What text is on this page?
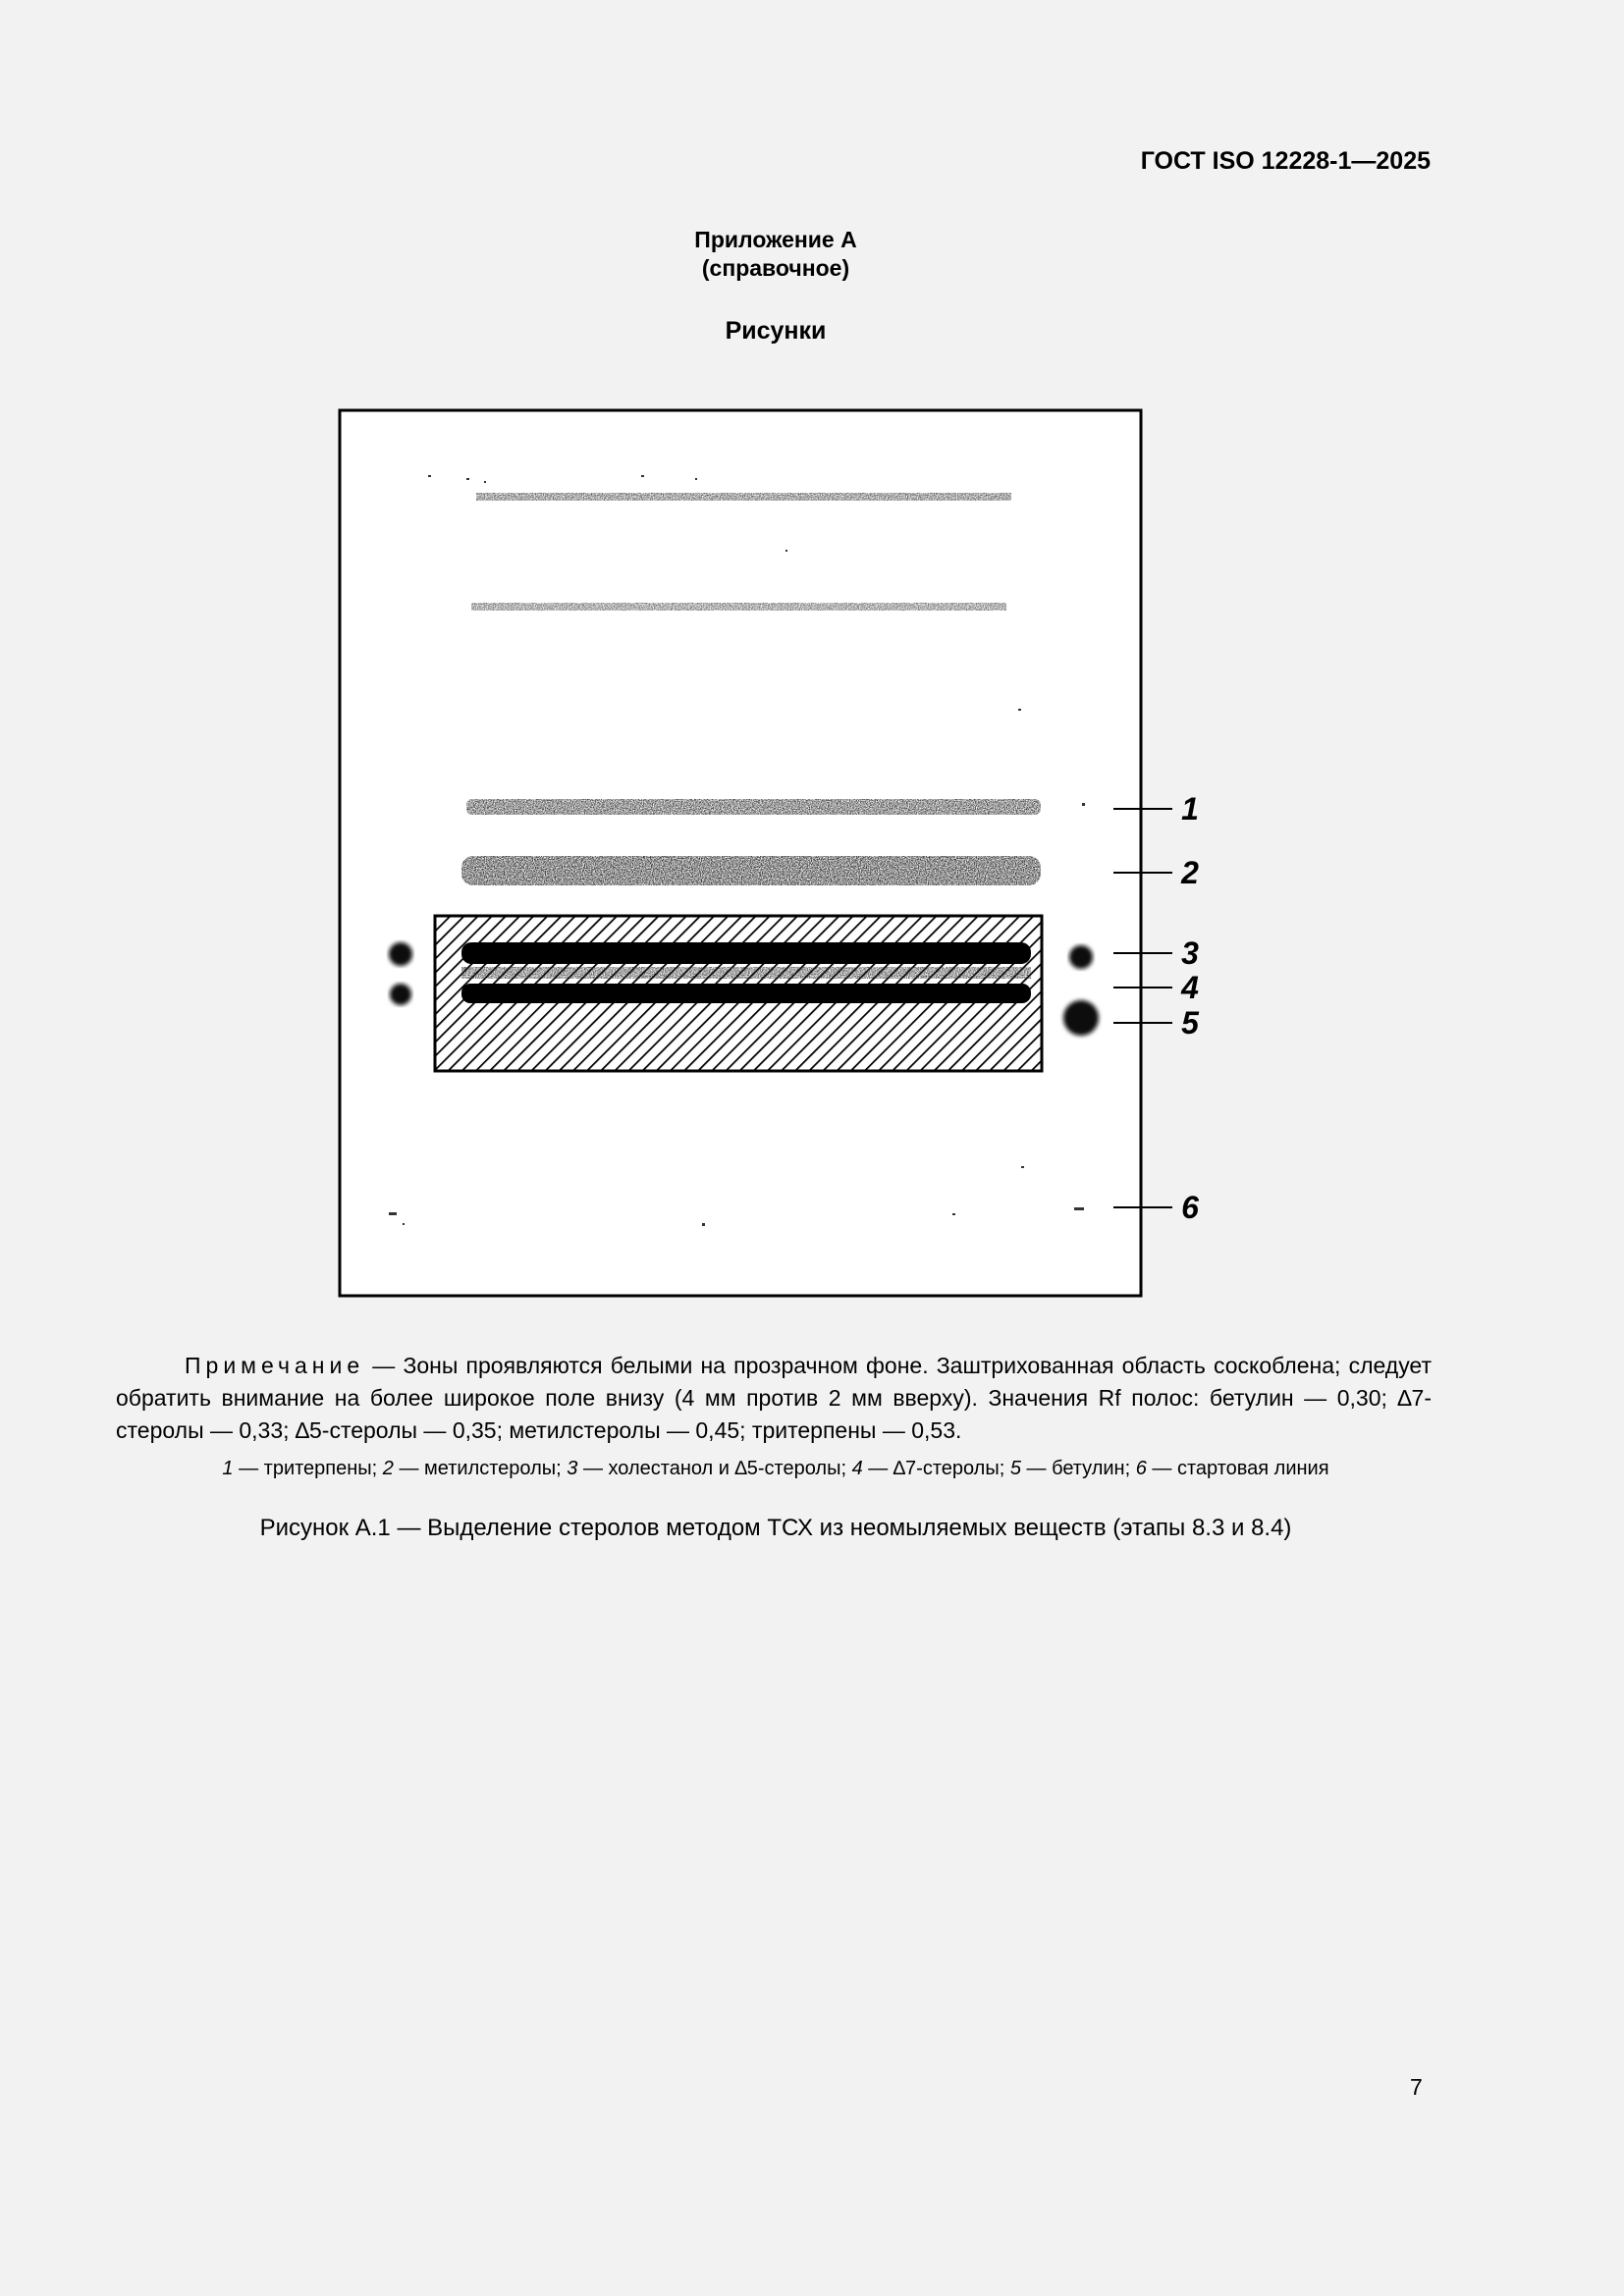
ГОСТ ISO 12228-1—2025
Приложение А
(справочное)
Рисунки
1
2
3
4
5
6
Примечание — Зоны проявляются белыми на прозрачном фоне. Заштрихованная область соскоблена; следует обратить внимание на более широкое поле внизу (4 мм против 2 мм вверху). Значения Rf полос: бетулин — 0,30; ∆7-стеролы — 0,33; ∆5-стеролы — 0,35; метилстеролы — 0,45; тритерпены — 0,53.
1 — тритерпены; 2 — метилстеролы; 3 — холестанол и ∆5-стеролы; 4 — ∆7-стеролы; 5 — бетулин; 6 — стартовая линия
Рисунок А.1 — Выделение стеролов методом ТСХ из неомыляемых веществ (этапы 8.3 и 8.4)
7
